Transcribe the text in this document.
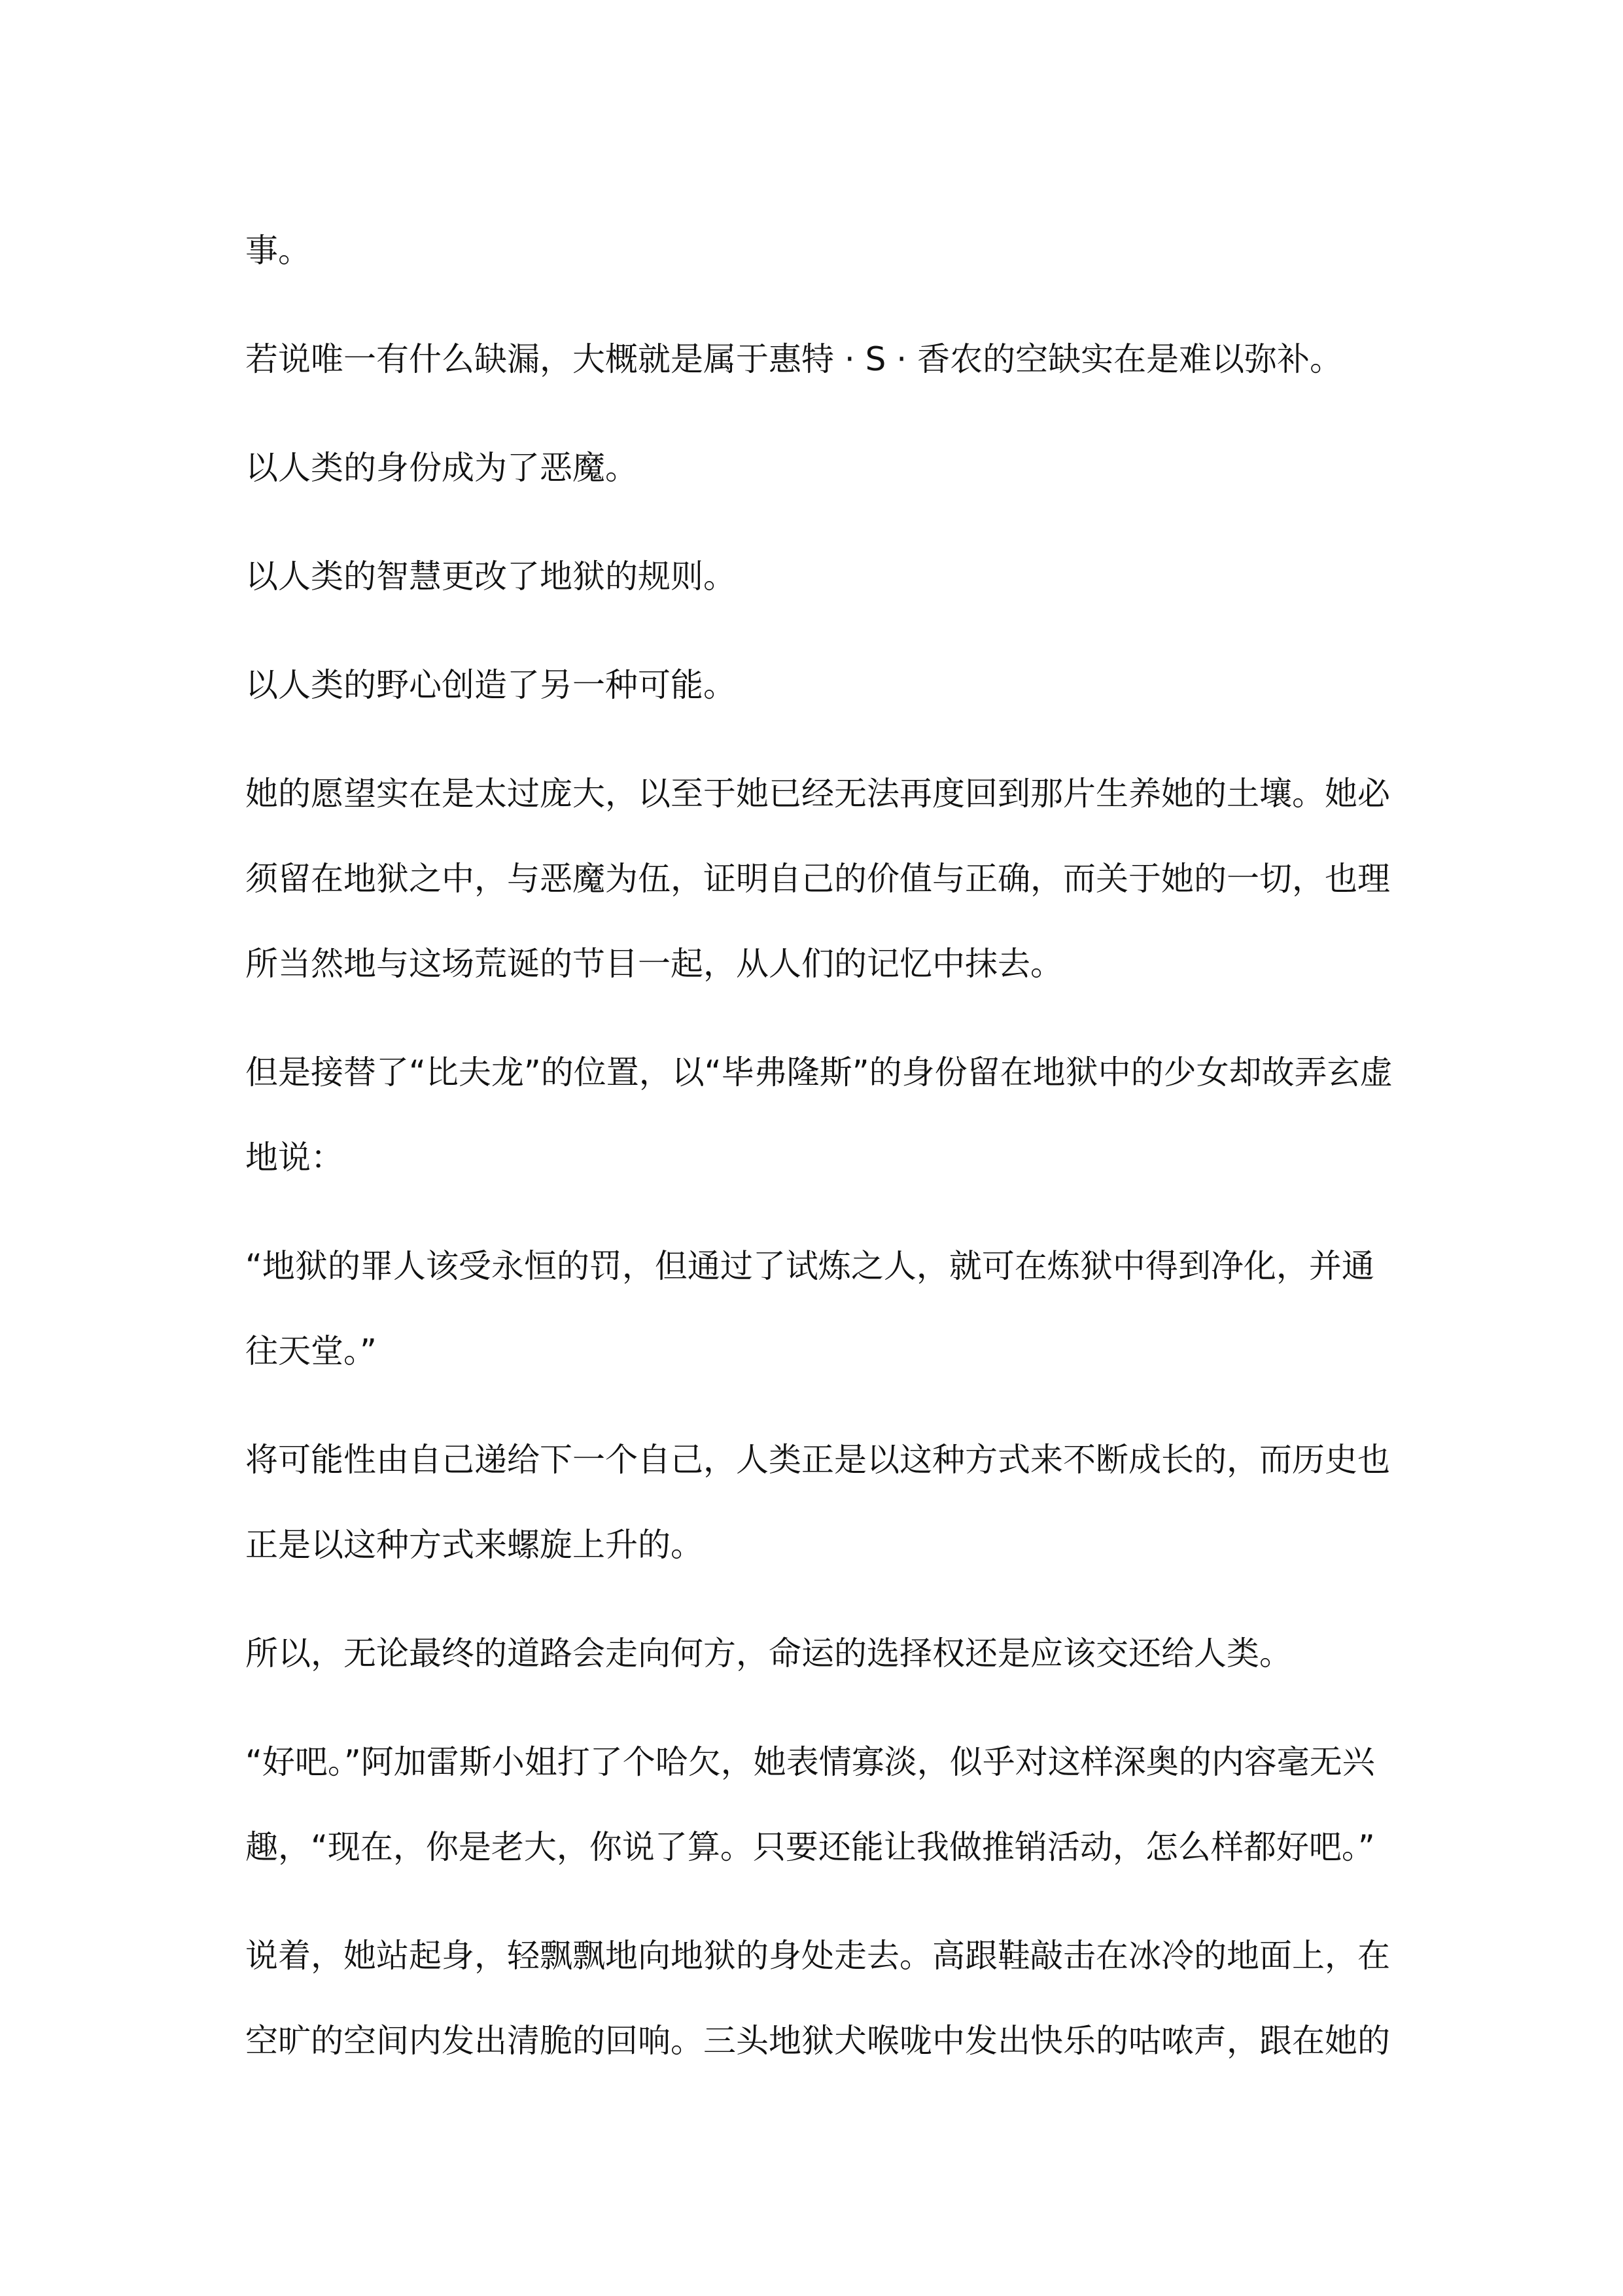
事。

若说唯一有什么缺漏，大概就是属于惠特 · S · 香农的空缺实在是难以弥补。

以人类的身份成为了恶魔。

以人类的智慧更改了地狱的规则。

以人类的野心创造了另一种可能。

她的愿望实在是太过庞大，以至于她已经无法再度回到那片生养她的土壤。她必须留在地狱之中，与恶魔为伍，证明自己的价值与正确，而关于她的一切，也理所当然地与这场荒诞的节目一起，从人们的记忆中抹去。

但是接替了“比夫龙”的位置，以“毕弗隆斯”的身份留在地狱中的少女却故弄玄虚地说：

“地狱的罪人该受永恒的罚，但通过了试炼之人，就可在炼狱中得到净化，并通往天堂。”

将可能性由自己递给下一个自己，人类正是以这种方式来不断成长的，而历史也正是以这种方式来螺旋上升的。

所以，无论最终的道路会走向何方，命运的选择权还是应该交还给人类。

“好吧。”阿加雷斯小姐打了个哈欠，她表情寡淡，似乎对这样深奥的内容毫无兴趣，“现在，你是老大，你说了算。只要还能让我做推销活动，怎么样都好吧。”

说着，她站起身，轻飘飘地向地狱的身处走去。高跟鞋敲击在冰冷的地面上，在空旷的空间内发出清脆的回响。三头地狱犬喉咙中发出快乐的咕哝声，跟在她的
